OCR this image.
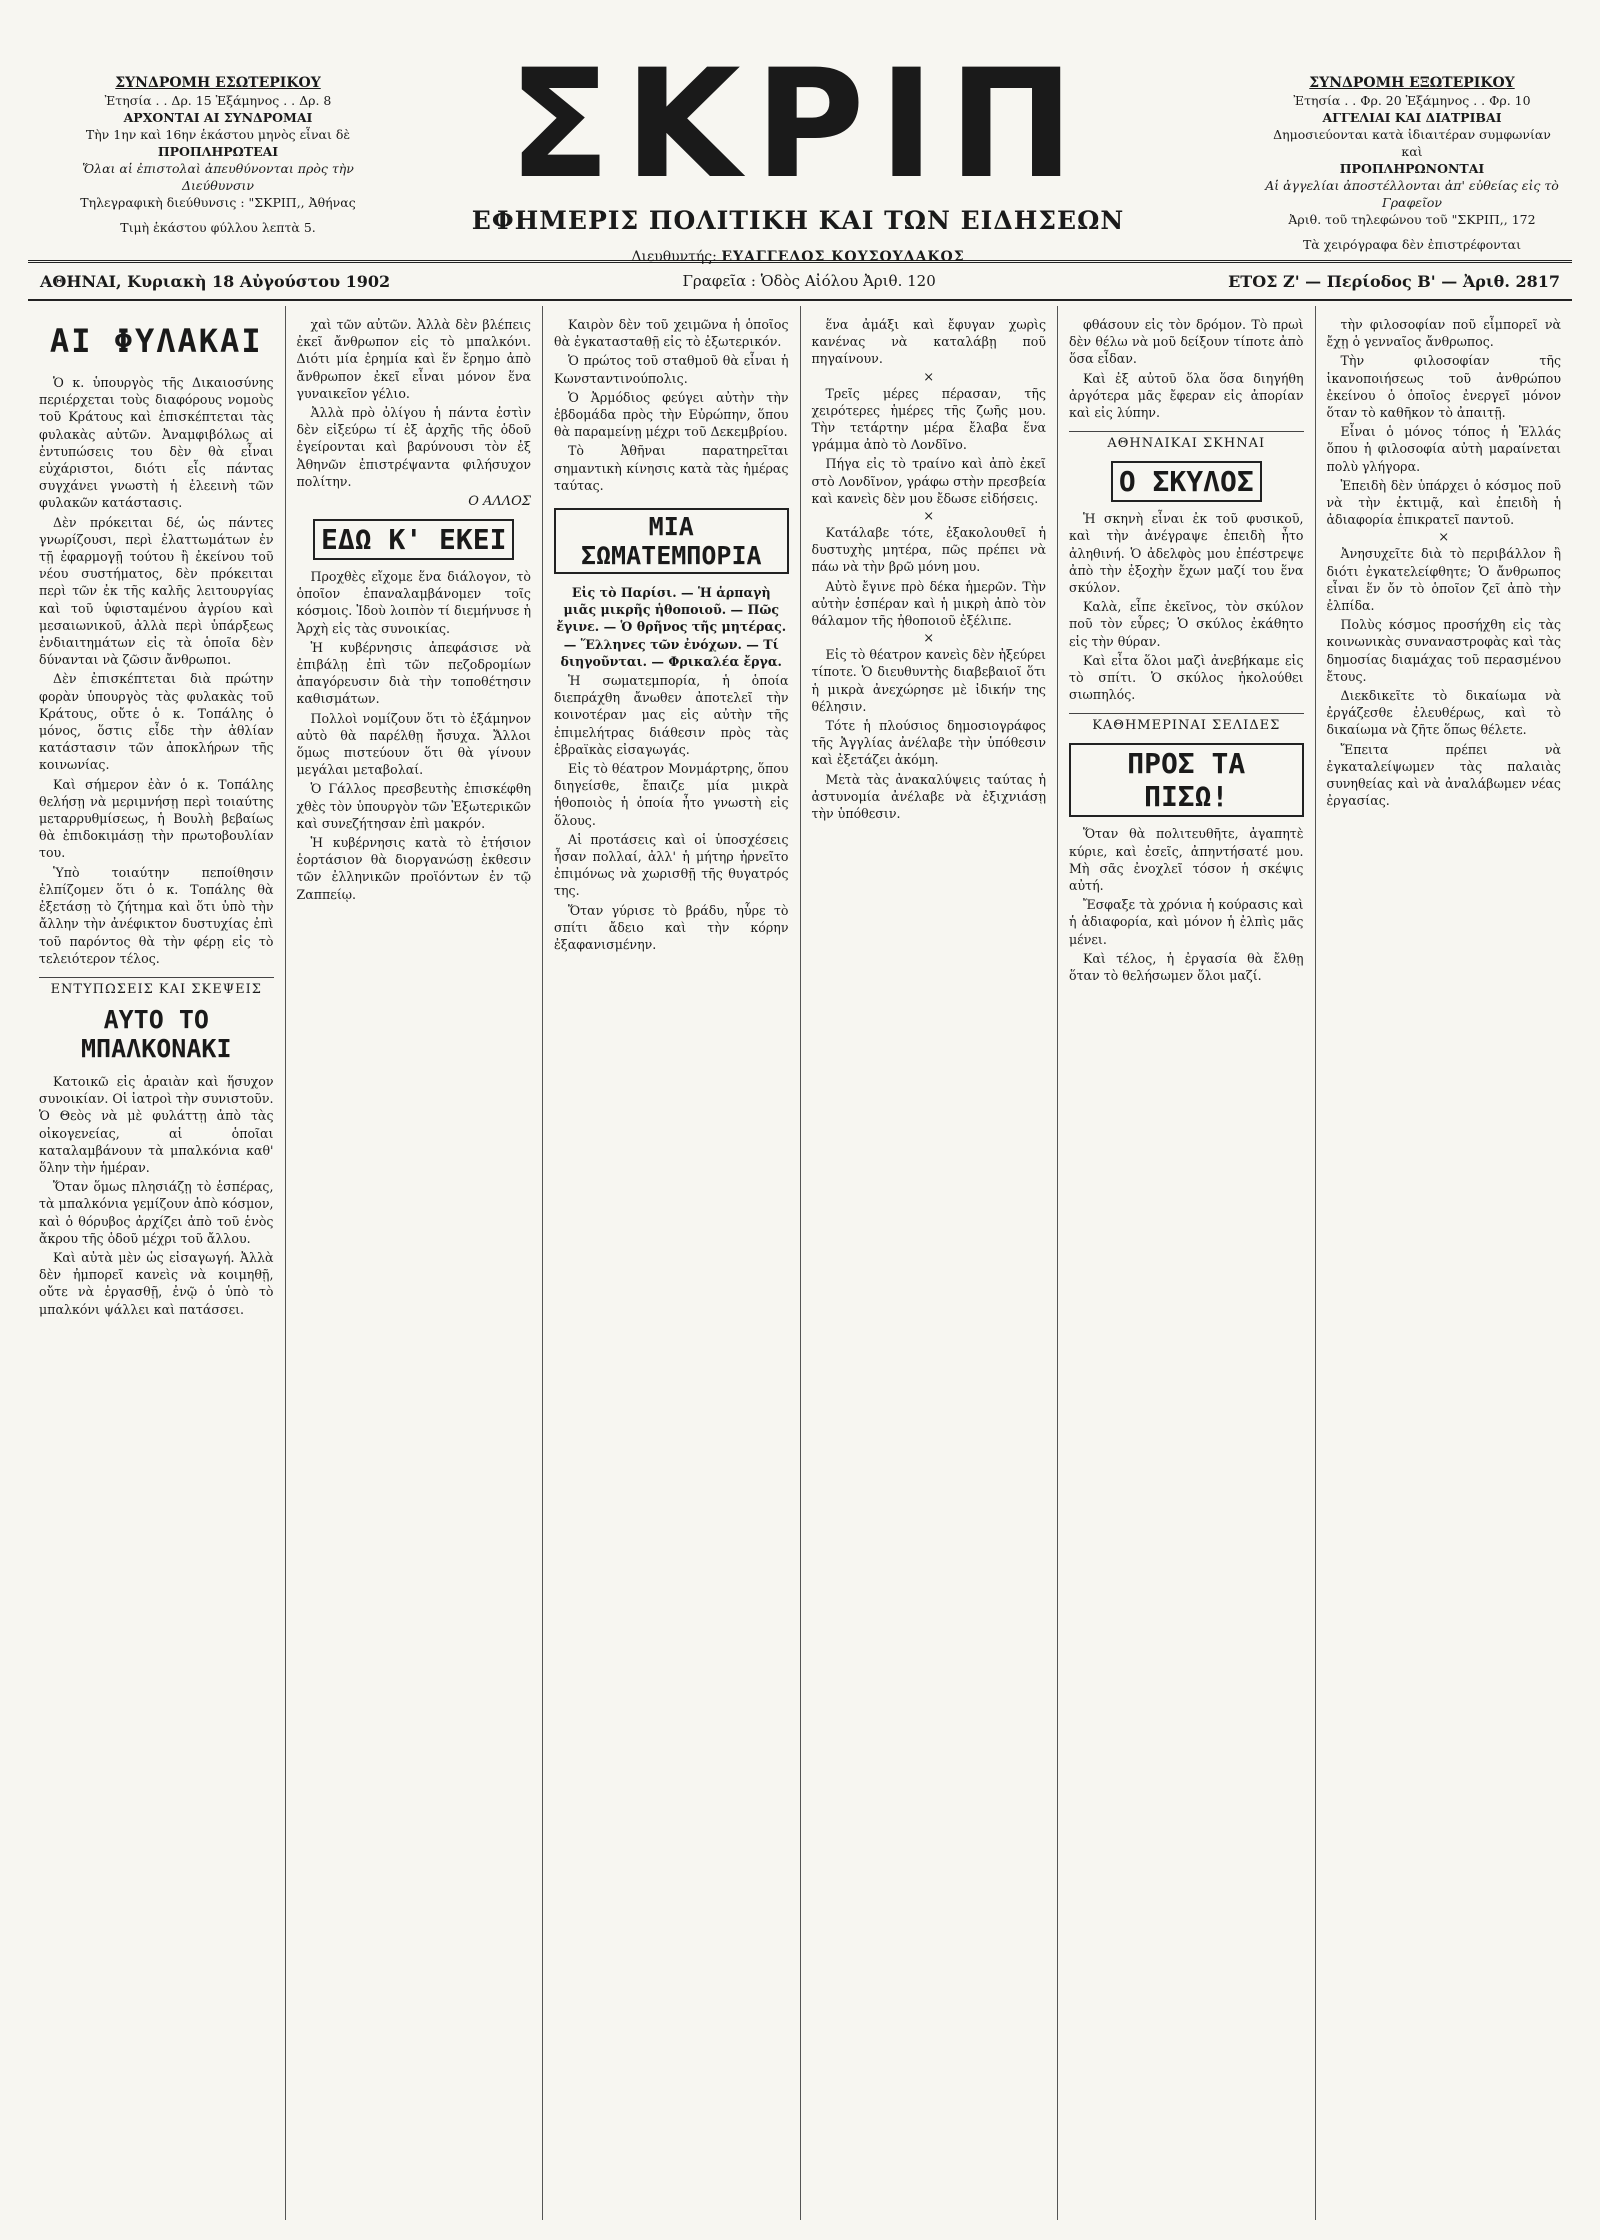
ΣΥΝΔΡΟΜΗ ΕΣΩΤΕΡΙΚΟΥ
Ἐτησία . . Δρ. 15 Ἑξάμηνος . . Δρ. 8
ΑΡΧΟΝΤΑΙ ΑΙ ΣΥΝΔΡΟΜΑΙ
Τὴν 1ην καὶ 16ην ἑκάστου μηνὸς εἶναι δὲ
ΠΡΟΠΛΗΡΩΤΕΑΙ
Ὅλαι αἱ ἐπιστολαὶ ἀπευθύνονται πρὸς τὴν Διεύθυνσιν
Τηλεγραφικὴ διεύθυνσις : "ΣΚΡΙΠ,, Ἀθήνας
Τιμὴ ἑκάστου φύλλου λεπτὰ 5.
ΣΚΡΙΠ
ΕΦΗΜΕΡΙΣ ΠΟΛΙΤΙΚΗ ΚΑΙ ΤΩΝ ΕΙΔΗΣΕΩΝ
Διευθυντής: ΕΥΑΓΓΕΛΟΣ ΚΟΥΣΟΥΛΑΚΟΣ
ΣΥΝΔΡΟΜΗ ΕΞΩΤΕΡΙΚΟΥ
Ἐτησία . . Φρ. 20 Ἑξάμηνος . . Φρ. 10
ΑΓΓΕΛΙΑΙ ΚΑΙ ΔΙΑΤΡΙΒΑΙ
Δημοσιεύονται κατὰ ἰδιαιτέραν συμφωνίαν καὶ
ΠΡΟΠΛΗΡΩΝΟΝΤΑΙ
Αἱ ἀγγελίαι ἀποστέλλονται ἀπ' εὐθείας εἰς τὸ Γραφεῖον
Ἀριθ. τοῦ τηλεφώνου τοῦ "ΣΚΡΙΠ,, 172
Τὰ χειρόγραφα δὲν ἐπιστρέφονται
ΑΘΗΝΑΙ, Κυριακὴ 18 Αὐγούστου 1902	Γραφεῖα : Ὁδὸς Αἰόλου Ἀριθ. 120	ΕΤΟΣ Ζ' — Περίοδος Β' — Ἀριθ. 2817
ΑΙ ΦΥΛΑΚΑΙ

Ὁ κ. ὑπουργὸς τῆς Δικαιοσύνης περιέρχεται τοὺς διαφόρους νομοὺς τοῦ Κράτους καὶ ἐπισκέπτεται τὰς φυλακὰς αὐτῶν. Ἀναμφιβόλως αἱ ἐντυπώσεις του δὲν θὰ εἶναι εὐχάριστοι, διότι εἶς πάντας συγχάνει γνωστὴ ἡ ἐλεεινὴ τῶν φυλακῶν κατάστασις.

Δὲν πρόκειται δέ, ὡς πάντες γνωρίζουσι, περὶ ἐλαττωμάτων ἐν τῇ ἐφαρμογῇ τούτου ἢ ἐκείνου τοῦ νέου συστήματος, δὲν πρόκειται περὶ τῶν ἐκ τῆς καλῆς λειτουργίας καὶ τοῦ ὑφισταμένου ἀγρίου καὶ μεσαιωνικοῦ, ἀλλὰ περὶ ὑπάρξεως ἐνδιαιτημάτων εἰς τὰ ὁποῖα δὲν δύνανται νὰ ζῶσιν ἄνθρωποι.

Δὲν ἐπισκέπτεται διὰ πρώτην φορὰν ὑπουργὸς τὰς φυλακὰς τοῦ Κράτους, οὔτε ὁ κ. Τοπάλης ὁ μόνος, ὅστις εἶδε τὴν ἀθλίαν κατάστασιν τῶν ἀποκλήρων τῆς κοινωνίας.

Καὶ σήμερον ἐὰν ὁ κ. Τοπάλης θελήσῃ νὰ μεριμνήσῃ περὶ τοιαύτης μεταρρυθμίσεως, ἡ Βουλὴ βεβαίως θὰ ἐπιδοκιμάσῃ τὴν πρωτοβουλίαν του.

Ὑπὸ τοιαύτην πεποίθησιν ἐλπίζομεν ὅτι ὁ κ. Τοπάλης θὰ ἐξετάσῃ τὸ ζήτημα καὶ ὅτι ὑπὸ τὴν ἄλλην τὴν ἀνέφικτον δυστυχίας ἐπὶ τοῦ παρόντος θὰ τὴν φέρῃ εἰς τὸ τελειότερον τέλος.

ΕΝΤΥΠΩΣΕΙΣ ΚΑΙ ΣΚΕΨΕΙΣ
ΑΥΤΟ ΤΟ ΜΠΑΛΚΟΝΑΚΙ

Κατοικῶ εἰς ἀραιὰν καὶ ἥσυχον συνοικίαν. Οἱ ἰατροὶ τὴν συνιστοῦν. Ὁ Θεὸς νὰ μὲ φυλάττῃ ἀπὸ τὰς οἰκογενείας, αἱ ὁποῖαι καταλαμβάνουν τὰ μπαλκόνια καθ' ὅλην τὴν ἡμέραν.

Ὅταν ὅμως πλησιάζῃ τὸ ἑσπέρας, τὰ μπαλκόνια γεμίζουν ἀπὸ κόσμον, καὶ ὁ θόρυβος ἀρχίζει ἀπὸ τοῦ ἑνὸς ἄκρου τῆς ὁδοῦ μέχρι τοῦ ἄλλου.

Καὶ αὐτὰ μὲν ὡς εἰσαγωγή. Ἀλλὰ δὲν ἠμπορεῖ κανεὶς νὰ κοιμηθῇ, οὔτε νὰ ἐργασθῇ, ἐνῷ ὁ ὑπὸ τὸ μπαλκόνι ψάλλει καὶ πατάσσει.

χαὶ τῶν αὐτῶν. Ἀλλὰ δὲν βλέπεις ἐκεῖ ἄνθρωπον εἰς τὸ μπαλκόνι. Διότι μία ἐρημία καὶ ἕν ἔρημο ἀπὸ ἄνθρωπον ἐκεῖ εἶναι μόνον ἕνα γυναικεῖον γέλιο.

Ἀλλὰ πρὸ ὀλίγου ἡ πάντα ἐστὶν δὲν εἰξεύρω τί ἐξ ἀρχῆς τῆς ὁδοῦ ἐγείρονται καὶ βαρύνουσι τὸν ἐξ Ἀθηνῶν ἐπιστρέψαντα φιλήσυχον πολίτην.

Ο ΑΛΛΟΣ
ΕΔΩ Κ' ΕΚΕΙ

Προχθὲς εἴχομε ἕνα διάλογον, τὸ ὁποῖον ἐπαναλαμβάνομεν τοῖς κόσμοις. Ἰδοὺ λοιπὸν τί διεμήνυσε ἡ Ἀρχὴ εἰς τὰς συνοικίας.

Ἡ κυβέρνησις ἀπεφάσισε νὰ ἐπιβάλῃ ἐπὶ τῶν πεζοδρομίων ἀπαγόρευσιν διὰ τὴν τοποθέτησιν καθισμάτων.

Πολλοὶ νομίζουν ὅτι τὸ ἑξάμηνον αὐτὸ θὰ παρέλθῃ ἤσυχα. Ἄλλοι ὅμως πιστεύουν ὅτι θὰ γίνουν μεγάλαι μεταβολαί.

Ὁ Γάλλος πρεσβευτὴς ἐπισκέφθη χθὲς τὸν ὑπουργὸν τῶν Ἐξωτερικῶν καὶ συνεζήτησαν ἐπὶ μακρόν.

Ἡ κυβέρνησις κατὰ τὸ ἐτήσιον ἑορτάσιον θὰ διοργανώσῃ ἐκθεσιν τῶν ἐλληνικῶν προϊόντων ἐν τῷ Ζαππείῳ.

Καιρὸν δὲν τοῦ χειμῶνα ἡ ὁποῖος θὰ ἐγκατασταθῇ εἰς τὸ ἐξωτερικόν.

Ὁ πρώτος τοῦ σταθμοῦ θὰ εἶναι ἡ Κωνσταντινούπολις.

Ὁ Ἀρμόδιος φεύγει αὐτὴν τὴν ἑβδομάδα πρὸς τὴν Εὐρώπην, ὅπου θὰ παραμείνῃ μέχρι τοῦ Δεκεμβρίου.

Τὸ Ἀθῆναι παρατηρεῖται σημαντικὴ κίνησις κατὰ τὰς ἡμέρας ταύτας.

ΜΙΑ ΣΩΜΑΤΕΜΠΟΡΙΑ

Εἰς τὸ Παρίσι. — Ἡ ἁρπαγὴ μιᾶς μικρῆς ἡθοποιοῦ. — Πῶς ἔγινε. — Ὁ θρῆνος τῆς μητέρας. — Ἕλληνες τῶν ἐνόχων. — Τί διηγοῦνται. — Φρικαλέα ἔργα.

Ἡ σωματεμπορία, ἡ ὁποία διεπράχθη ἄνωθεν ἀποτελεῖ τὴν κοινοτέραν μας εἰς αὐτὴν τῆς ἐπιμελήτρας διάθεσιν πρὸς τὰς ἑβραϊκὰς εἰσαγωγάς.

Εἰς τὸ θέατρον Μονμάρτρης, ὅπου διηγείσθε, ἔπαιζε μία μικρὰ ἡθοποιὸς ἡ ὁποία ἦτο γνωστὴ εἰς ὅλους.

Αἱ προτάσεις καὶ οἱ ὑποσχέσεις ἦσαν πολλαί, ἀλλ' ἡ μήτηρ ἠρνεῖτο ἐπιμόνως νὰ χωρισθῇ τῆς θυγατρός της.

Ὅταν γύρισε τὸ βράδυ, ηὗρε τὸ σπίτι ἄδειο καὶ τὴν κόρην ἐξαφανισμένην.

ἕνα ἀμάξι καὶ ἔφυγαν χωρὶς κανένας νὰ καταλάβῃ ποῦ πηγαίνουν.

×

Τρεῖς μέρες πέρασαν, τῆς χειρότερες ἡμέρες τῆς ζωῆς μου. Τὴν τετάρτην μέρα ἔλαβα ἕνα γράμμα ἀπὸ τὸ Λονδῖνο.

Πήγα εἰς τὸ τραίνο καὶ ἀπὸ ἐκεῖ στὸ Λονδῖνον, γράφω στὴν πρεσβεία καὶ κανεὶς δὲν μου ἔδωσε εἰδήσεις.

×

Κατάλαβε τότε, ἐξακολουθεῖ ἡ δυστυχὴς μητέρα, πῶς πρέπει νὰ πάω νὰ τὴν βρῶ μόνη μου.

Αὐτὸ ἔγινε πρὸ δέκα ἡμερῶν. Τὴν αὐτὴν ἑσπέραν καὶ ἡ μικρὴ ἀπὸ τὸν θάλαμον τῆς ἠθοποιοῦ ἐξέλιπε.

×

Εἰς τὸ θέατρον κανεὶς δὲν ἠξεύρει τίποτε. Ὁ διευθυντὴς διαβεβαιοῖ ὅτι ἡ μικρὰ ἀνεχώρησε μὲ ἰδικήν της θέλησιν.

Τότε ἡ πλούσιος δημοσιογράφος τῆς Ἀγγλίας ἀνέλαβε τὴν ὑπόθεσιν καὶ ἐξετάζει ἀκόμη.

Μετὰ τὰς ἀνακαλύψεις ταύτας ἡ ἀστυνομία ἀνέλαβε νὰ ἐξιχνιάσῃ τὴν ὑπόθεσιν.

φθάσουν εἰς τὸν δρόμον. Τὸ πρωὶ δὲν θέλω νὰ μοῦ δείξουν τίποτε ἀπὸ ὅσα εἶδαν.

Καὶ ἐξ αὐτοῦ ὅλα ὅσα διηγήθη ἀργότερα μᾶς ἔφεραν εἰς ἀπορίαν καὶ εἰς λύπην.

ΑΘΗΝΑΙΚΑΙ ΣΚΗΝΑΙ
Ο ΣΚΥΛΟΣ

Ἡ σκηνὴ εἶναι ἐκ τοῦ φυσικοῦ, καὶ τὴν ἀνέγραψε ἐπειδὴ ἦτο ἀληθινή. Ὁ ἀδελφὸς μου ἐπέστρεψε ἀπὸ τὴν ἐξοχὴν ἔχων μαζί του ἕνα σκύλον.

Καλὰ, εἶπε ἐκεῖνος, τὸν σκύλον ποῦ τὸν εὗρες; Ὁ σκύλος ἐκάθητο εἰς τὴν θύραν.

Καὶ εἶτα ὅλοι μαζὶ ἀνεβήκαμε εἰς τὸ σπίτι. Ὁ σκύλος ἠκολούθει σιωπηλός.

ΚΑΘΗΜΕΡΙΝΑΙ ΣΕΛΙΔΕΣ
ΠΡΟΣ ΤΑ ΠΙΣΩ!

Ὅταν θὰ πολιτευθῆτε, ἀγαπητὲ κύριε, καὶ ἐσεῖς, ἀπηντήσατέ μου. Μὴ σᾶς ἐνοχλεῖ τόσον ἡ σκέψις αὐτή.

Ἔσφαξε τὰ χρόνια ἡ κούρασις καὶ ἡ ἀδιαφορία, καὶ μόνον ἡ ἐλπὶς μᾶς μένει.

Καὶ τέλος, ἡ ἐργασία θὰ ἔλθῃ ὅταν τὸ θελήσωμεν ὅλοι μαζί.

τὴν φιλοσοφίαν ποῦ εἶμπορεῖ νὰ ἔχῃ ὁ γενναῖος ἄνθρωπος.

Τὴν φιλοσοφίαν τῆς ἱκανοποιήσεως τοῦ ἀνθρώπου ἐκείνου ὁ ὁποῖος ἐνεργεῖ μόνον ὅταν τὸ καθῆκον τὸ ἀπαιτῇ.

Εἶναι ὁ μόνος τόπος ἡ Ἑλλάς ὅπου ἡ φιλοσοφία αὐτὴ μαραίνεται πολὺ γλήγορα.

Ἐπειδὴ δὲν ὑπάρχει ὁ κόσμος ποῦ νὰ τὴν ἐκτιμᾷ, καὶ ἐπειδὴ ἡ ἀδιαφορία ἐπικρατεῖ παντοῦ.

×

Ἀνησυχεῖτε διὰ τὸ περιβάλλον ἢ διότι ἐγκατελείφθητε; Ὁ ἄνθρωπος εἶναι ἕν ὄν τὸ ὁποῖον ζεῖ ἀπὸ τὴν ἐλπίδα.

Πολὺς κόσμος προσήχθη εἰς τὰς κοινωνικὰς συναναστροφὰς καὶ τὰς δημοσίας διαμάχας τοῦ περασμένου ἔτους.

Διεκδικεῖτε τὸ δικαίωμα νὰ ἐργάζεσθε ἐλευθέρως, καὶ τὸ δικαίωμα νὰ ζῆτε ὅπως θέλετε.

Ἔπειτα πρέπει νὰ ἐγκαταλείψωμεν τὰς παλαιὰς συνηθείας καὶ νὰ ἀναλάβωμεν νέας ἐργασίας.
